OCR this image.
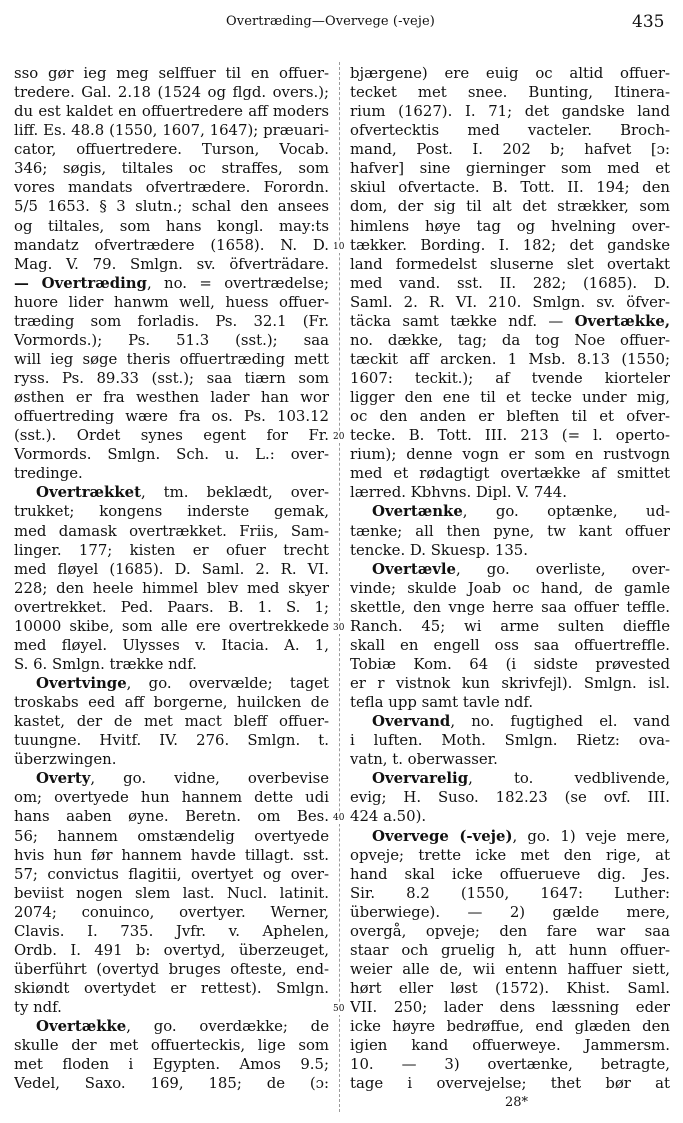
Overtræding—Overvege (-veje)	435
sso gør ieg meg selffuer til en offuer-
tredere. Gal. 2.18 (1524 og flgd. overs.);
du est kaldet en offuertredere aff moders
liff. Es. 48.8 (1550, 1607, 1647); præuari-
cator, offuertredere. Turson, Vocab.
346; søgis, tiltales oc straffes, som
vores mandats ofvertrædere. Forordn.
5/5 1653. § 3 slutn.; schal den ansees
og tiltales, som hans kongl. may:ts
mandatz ofvertrædere (1658). N. D.
Mag. V. 79. Smlgn. sv. öfverträdare.
— Overtræding, no. = overtrædelse;
huore lider hanwm well, huess offuer-
træding som forladis. Ps. 32.1 (Fr.
Vormords.); Ps. 51.3 (sst.); saa
will ieg søge theris offuertræding mett
ryss. Ps. 89.33 (sst.); saa tiærn som
østhen er fra westhen lader han wor
offuertreding wære fra os. Ps. 103.12
(sst.). Ordet synes egent for Fr.
Vormords. Smlgn. Sch. u. L.: over-
tredinge.
Overtrækket, tm. beklædt, over-
trukket; kongens inderste gemak,
med damask overtrækket. Friis, Sam-
linger. 177; kisten er ofuer trecht
med fløyel (1685). D. Saml. 2. R. VI.
228; den heele himmel blev med skyer
overtrekket. Ped. Paars. B. 1. S. 1;
10000 skibe, som alle ere overtrekkede
med fløyel. Ulysses v. Itacia. A. 1,
S. 6. Smlgn. trække ndf.
Overtvinge, go. overvælde; taget
troskabs eed aff borgerne, huilcken de
kastet, der de met mact bleff offuer-
tuungne. Hvitf. IV. 276. Smlgn. t.
überzwingen.
Overty, go. vidne, overbevise
om; overtyede hun hannem dette udi
hans aaben øyne. Beretn. om Bes.
56; hannem omstændelig overtyede
hvis hun før hannem havde tillagt. sst.
57; convictus flagitii, overtyet og over-
beviist nogen slem last. Nucl. latinit.
2074; conuinco, overtyer. Werner,
Clavis. I. 735. Jvfr. v. Aphelen,
Ordb. I. 491 b: overtyd, überzeuget,
überführt (overtyd bruges ofteste, end-
skiøndt overtydet er rettest). Smlgn.
ty ndf.
Overtække, go. overdække; de
skulle der met offuerteckis, lige som
met floden i Egypten. Amos 9.5;
Vedel, Saxo. 169, 185; de (ɔ:
bjærgene) ere euig oc altid offuer-
tecket met snee. Bunting, Itinera-
rium (1627). I. 71; det gandske land
ofvertecktis med vacteler. Broch-
mand, Post. I. 202 b; hafvet [ɔ:
hafver] sine gierninger som med et
skiul ofvertacte. B. Tott. II. 194; den
dom, der sig til alt det strækker, som
himlens høye tag og hvelning over-
tækker. Bording. I. 182; det gandske
land formedelst sluserne slet overtakt
med vand. sst. II. 282; (1685). D.
Saml. 2. R. VI. 210. Smlgn. sv. öfver-
täcka samt tække ndf. — Overtække,
no. dække, tag; da tog Noe offuer-
tæckit aff arcken. 1 Msb. 8.13 (1550;
1607: teckit.); af tvende kiorteler
ligger den ene til et tecke under mig,
oc den anden er bleften til et ofver-
tecke. B. Tott. III. 213 (= l. operto-
rium); denne vogn er som en rustvogn
med et rødagtigt overtække af smittet
lærred. Kbhvns. Dipl. V. 744.
Overtænke, go. optænke, ud-
tænke; all then pyne, tw kant offuer
tencke. D. Skuesp. 135.
Overtævle, go. overliste, over-
vinde; skulde Joab oc hand, de gamle
skettle, den vnge herre saa offuer teffle.
Ranch. 45; wi arme sulten dieffle
skall en engell oss saa offuertreffle.
Tobiæ Kom. 64 (i sidste prøvested
er r vistnok kun skrivfejl). Smlgn. isl.
tefla upp samt tavle ndf.
Overvand, no. fugtighed el. vand
i luften. Moth. Smlgn. Rietz: ova-
vatn, t. oberwasser.
Overvarelig, to. vedblivende,
evig; H. Suso. 182.23 (se ovf. III.
424 a.50).
Overvege (-veje), go. 1) veje mere,
opveje; trette icke met den rige, at
hand skal icke offuerueve dig. Jes.
Sir. 8.2 (1550, 1647: Luther:
überwiege). — 2) gælde mere,
overgå, opveje; den fare war saa
staar och gruelig h, att hunn offuer-
weier alle de, wii entenn haffuer siett,
hørt eller løst (1572). Khist. Saml.
VII. 250; lader dens læssning eder
icke høyre bedrøffue, end glæden den
igien kand offuerweye. Jammersm.
10. — 3) overtænke, betragte,
tage i overvejelse; thet bør at
10
20
30
40
50
28*
